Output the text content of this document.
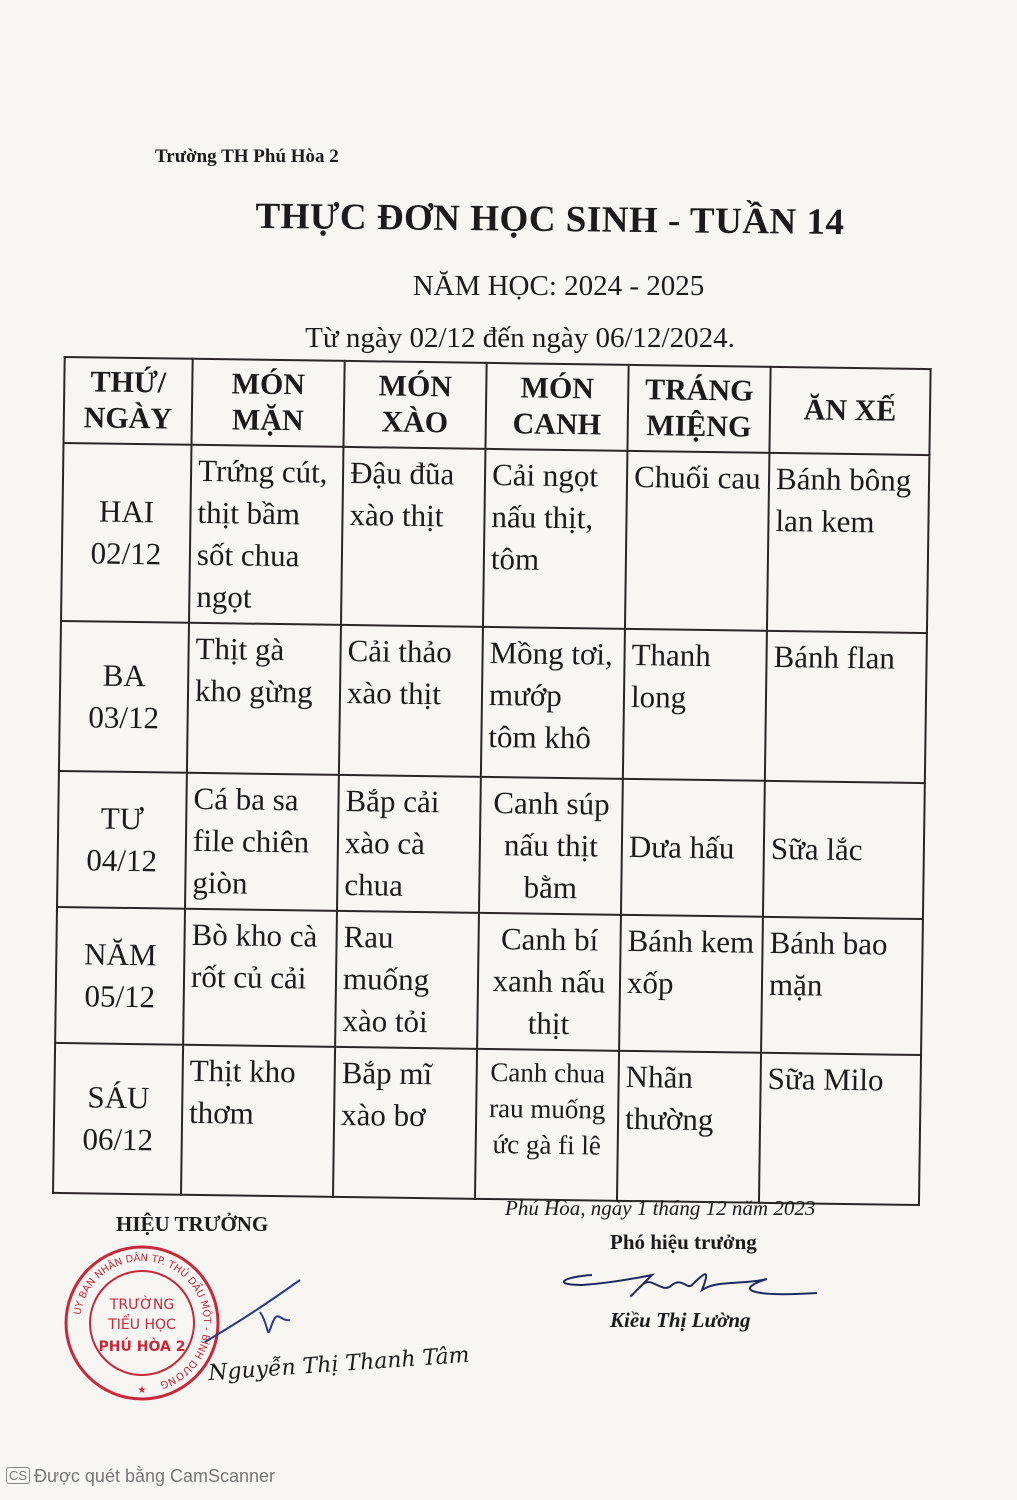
Trường TH Phú Hòa 2
THỰC ĐƠN HỌC SINH - TUẦN 14
NĂM HỌC: 2024 - 2025
Từ ngày 02/12 đến ngày 06/12/2024.
THỨ/ NGÀY	MÓN MẶN	MÓN XÀO	MÓN CANH	TRÁNG MIỆNG	ĂN XẾ
HAI 02/12	Trứng cút, thịt bầm sốt chua ngọt	Đậu đũa xào thịt	Cải ngọt nấu thịt, tôm	Chuối cau	Bánh bông lan kem
BA 03/12	Thịt gà kho gừng	Cải thảo xào thịt	Mồng tơi, mướp tôm khô	Thanh long	Bánh flan
TƯ 04/12	Cá ba sa file chiên giòn	Bắp cải xào cà chua	Canh súp nấu thịt bằm	Dưa hấu	Sữa lắc
NĂM 05/12	Bò kho cà rốt củ cải	Rau muống xào tỏi	Canh bí xanh nấu thịt	Bánh kem xốp	Bánh bao mặn
SÁU 06/12	Thịt kho thơm	Bắp mĩ xào bơ	Canh chua rau muống ức gà fi lê	Nhãn thường	Sữa Milo
Phú Hòa, ngày 1 tháng 12 năm 2023
HIỆU TRƯỞNG
Phó hiệu trưởng
UY BAN NHÂN DÂN TP. THỦ DẦU MỘT - BÌNH DƯƠNG
TRƯỜNG
TIỂU HỌC
PHÚ HÒA 2
★
Nguyễn Thị Thanh Tâm
Kiều Thị Lường
CS Được quét bằng CamScanner
